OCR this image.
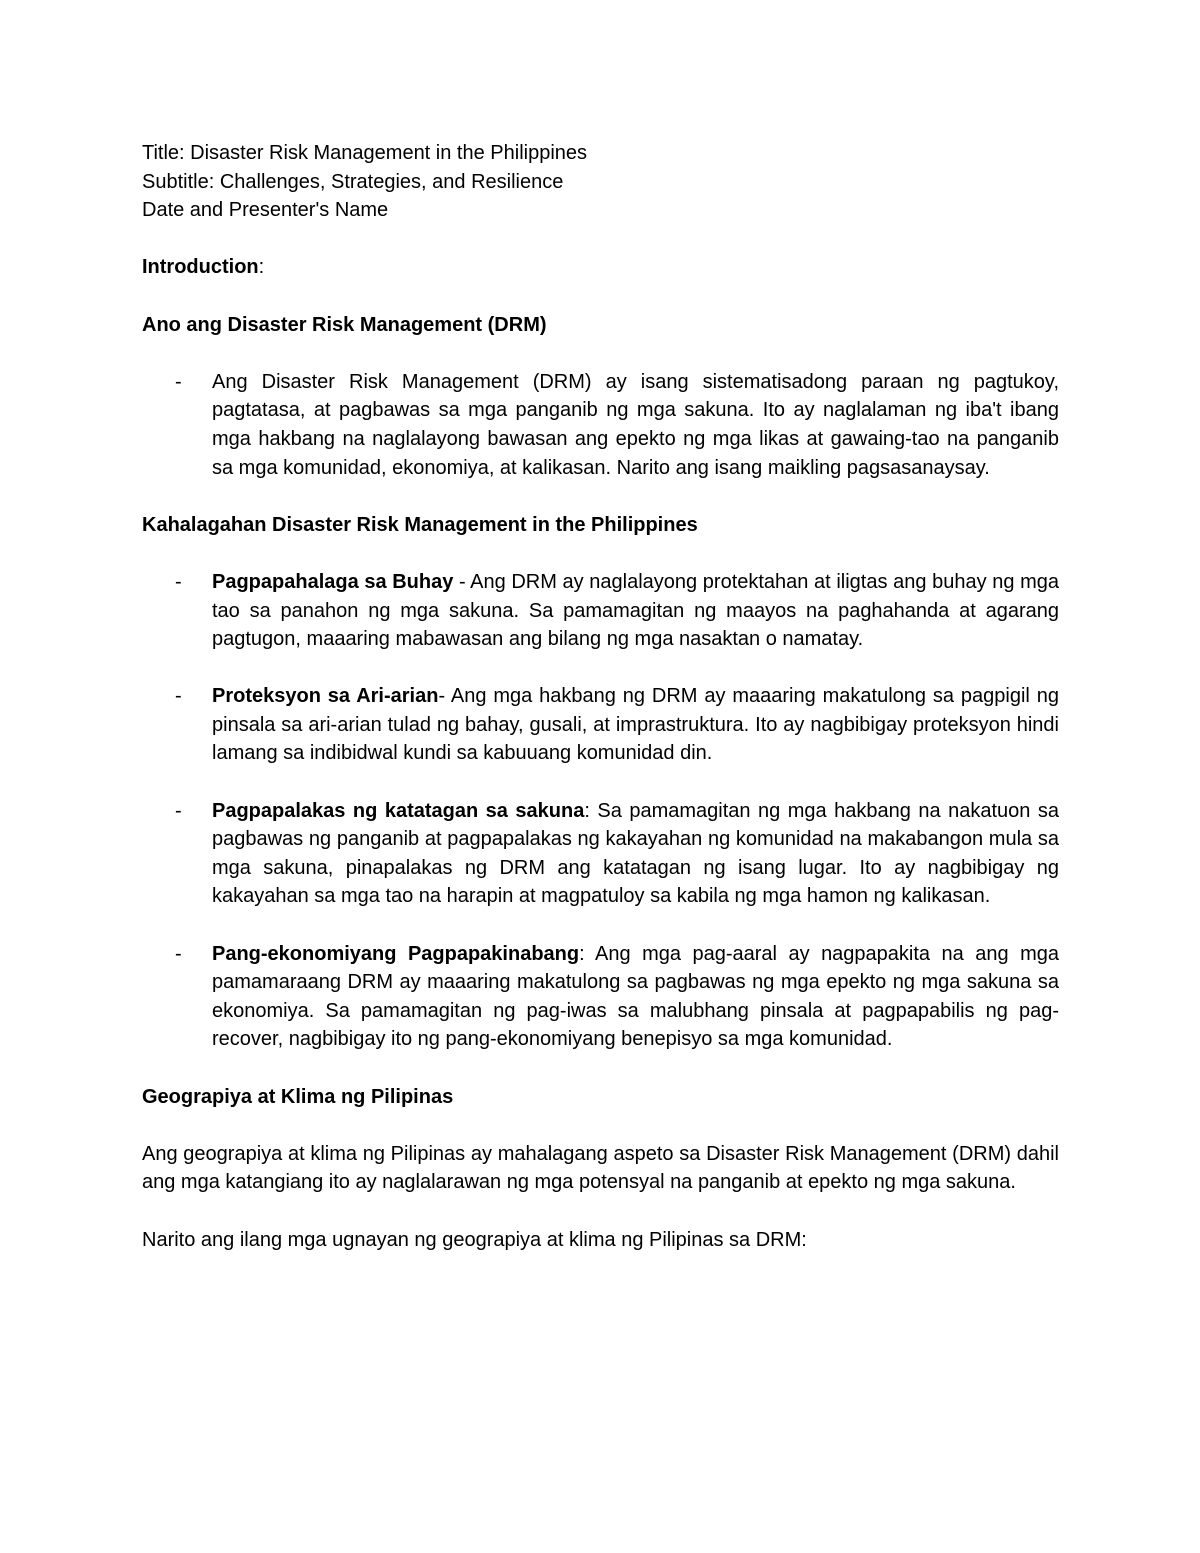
Title: Disaster Risk Management in the Philippines

Subtitle: Challenges, Strategies, and Resilience

Date and Presenter's Name

Introduction:

Ano ang Disaster Risk Management (DRM)

- Ang Disaster Risk Management (DRM) ay isang sistematisadong paraan ng pagtukoy, pagtatasa, at pagbawas sa mga panganib ng mga sakuna. Ito ay naglalaman ng iba't ibang mga hakbang na naglalayong bawasan ang epekto ng mga likas at gawaing-tao na panganib sa mga komunidad, ekonomiya, at kalikasan. Narito ang isang maikling pagsasanaysay.

Kahalagahan Disaster Risk Management in the Philippines

- Pagpapahalaga sa Buhay - Ang DRM ay naglalayong protektahan at iligtas ang buhay ng mga tao sa panahon ng mga sakuna. Sa pamamagitan ng maayos na paghahanda at agarang pagtugon, maaaring mabawasan ang bilang ng mga nasaktan o namatay.
- Proteksyon sa Ari-arian- Ang mga hakbang ng DRM ay maaaring makatulong sa pagpigil ng pinsala sa ari-arian tulad ng bahay, gusali, at imprastruktura. Ito ay nagbibigay proteksyon hindi lamang sa indibidwal kundi sa kabuuang komunidad din.
- Pagpapalakas ng katatagan sa sakuna: Sa pamamagitan ng mga hakbang na nakatuon sa pagbawas ng panganib at pagpapalakas ng kakayahan ng komunidad na makabangon mula sa mga sakuna, pinapalakas ng DRM ang katatagan ng isang lugar. Ito ay nagbibigay ng kakayahan sa mga tao na harapin at magpatuloy sa kabila ng mga hamon ng kalikasan.
- Pang-ekonomiyang Pagpapakinabang: Ang mga pag-aaral ay nagpapakita na ang mga pamamaraang DRM ay maaaring makatulong sa pagbawas ng mga epekto ng mga sakuna sa ekonomiya. Sa pamamagitan ng pag-iwas sa malubhang pinsala at pagpapabilis ng pag-recover, nagbibigay ito ng pang-ekonomiyang benepisyo sa mga komunidad.

Geograpiya at Klima ng Pilipinas

Ang geograpiya at klima ng Pilipinas ay mahalagang aspeto sa Disaster Risk Management (DRM) dahil ang mga katangiang ito ay naglalarawan ng mga potensyal na panganib at epekto ng mga sakuna.

Narito ang ilang mga ugnayan ng geograpiya at klima ng Pilipinas sa DRM:
